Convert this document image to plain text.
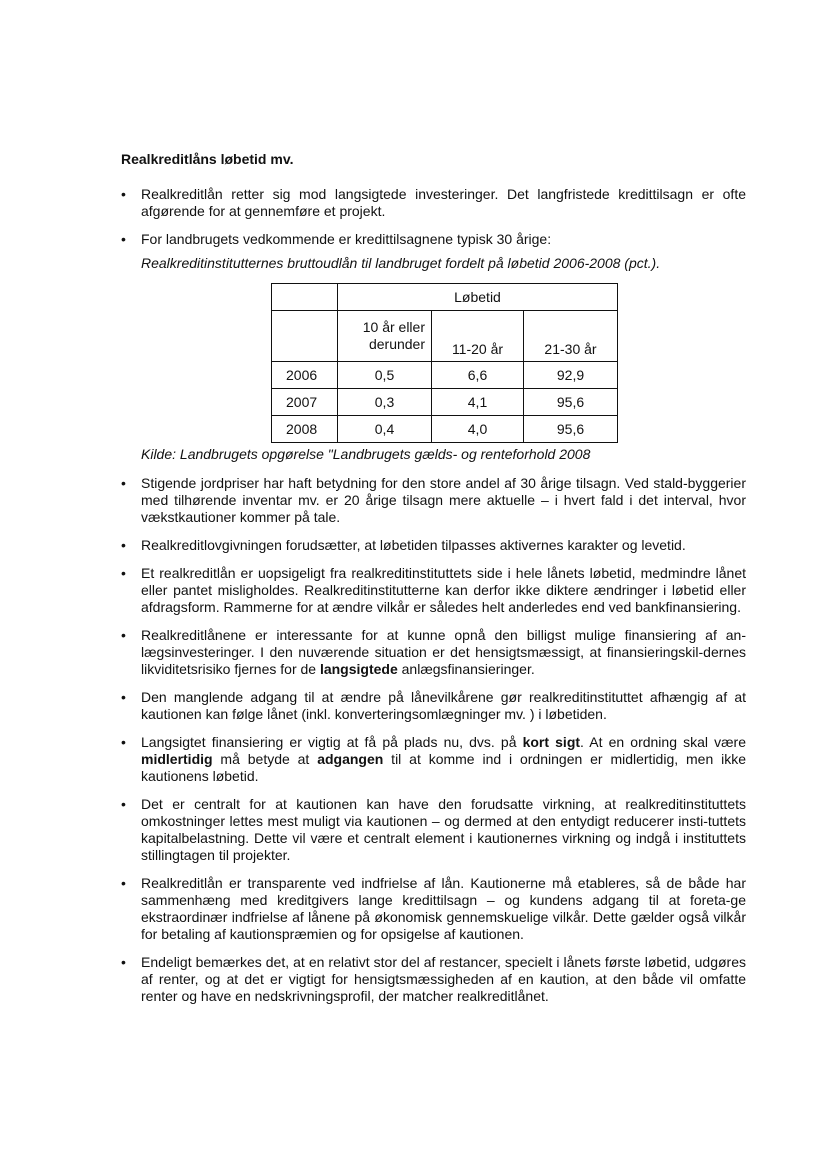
Realkreditlåns løbetid mv.
• Realkreditlån retter sig mod langsigtede investeringer. Det langfristede kredittilsagn er ofte afgørende for at gennemføre et projekt.
• For landbrugets vedkommende er kredittilsagnene typisk 30 årige:
Realkreditinstitutternes bruttoudlån til landbruget fordelt på løbetid 2006-2008 (pct.).
	Løbetid		
	10 år eller derunder	11-20 år	21-30 år
2006	0,5	6,6	92,9
2007	0,3	4,1	95,6
2008	0,4	4,0	95,6
Kilde: Landbrugets opgørelse "Landbrugets gælds- og renteforhold 2008
• Stigende jordpriser har haft betydning for den store andel af 30 årige tilsagn. Ved stald-byggerier med tilhørende inventar mv. er 20 årige tilsagn mere aktuelle – i hvert fald i det interval, hvor vækstkautioner kommer på tale.
• Realkreditlovgivningen forudsætter, at løbetiden tilpasses aktivernes karakter og levetid.
• Et realkreditlån er uopsigeligt fra realkreditinstituttets side i hele lånets løbetid, medmindre lånet eller pantet misligholdes. Realkreditinstitutterne kan derfor ikke diktere ændringer i løbetid eller afdragsform. Rammerne for at ændre vilkår er således helt anderledes end ved bankfinansiering.
• Realkreditlånene er interessante for at kunne opnå den billigst mulige finansiering af an-lægsinvesteringer. I den nuværende situation er det hensigtsmæssigt, at finansieringskil-dernes likviditetsrisiko fjernes for de langsigtede anlægsfinansieringer.
• Den manglende adgang til at ændre på lånevilkårene gør realkreditinstituttet afhængig af at kautionen kan følge lånet (inkl. konverteringsomlægninger mv. ) i løbetiden.
• Langsigtet finansiering er vigtig at få på plads nu, dvs. på kort sigt. At en ordning skal være midlertidig må betyde at adgangen til at komme ind i ordningen er midlertidig, men ikke kautionens løbetid.
• Det er centralt for at kautionen kan have den forudsatte virkning, at realkreditinstituttets omkostninger lettes mest muligt via kautionen – og dermed at den entydigt reducerer insti-tuttets kapitalbelastning. Dette vil være et centralt element i kautionernes virkning og indgå i instituttets stillingtagen til projekter.
• Realkreditlån er transparente ved indfrielse af lån. Kautionerne må etableres, så de både har sammenhæng med kreditgivers lange kredittilsagn – og kundens adgang til at foreta-ge ekstraordinær indfrielse af lånene på økonomisk gennemskuelige vilkår. Dette gælder også vilkår for betaling af kautionspræmien og for opsigelse af kautionen.
• Endeligt bemærkes det, at en relativt stor del af restancer, specielt i lånets første løbetid, udgøres af renter, og at det er vigtigt for hensigtsmæssigheden af en kaution, at den både vil omfatte renter og have en nedskrivningsprofil, der matcher realkreditlånet.
